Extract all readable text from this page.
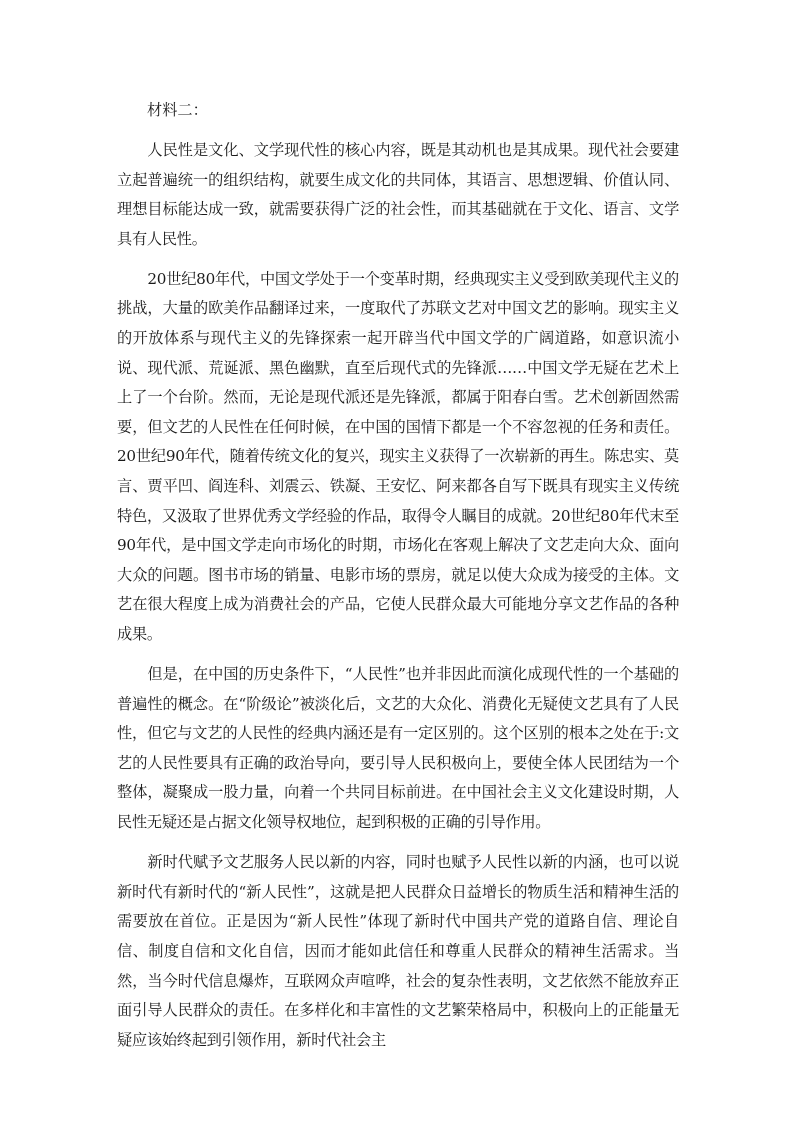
材料二：

人民性是文化、文学现代性的核心内容，既是其动机也是其成果。现代社会要建立起普遍统一的组织结构，就要生成文化的共同体，其语言、思想逻辑、价值认同、理想目标能达成一致，就需要获得广泛的社会性，而其基础就在于文化、语言、文学具有人民性。

20世纪80年代，中国文学处于一个变革时期，经典现实主义受到欧美现代主义的挑战，大量的欧美作品翻译过来，一度取代了苏联文艺对中国文艺的影响。现实主义的开放体系与现代主义的先锋探索一起开辟当代中国文学的广阔道路，如意识流小说、现代派、荒诞派、黑色幽默，直至后现代式的先锋派……中国文学无疑在艺术上上了一个台阶。然而，无论是现代派还是先锋派，都属于阳春白雪。艺术创新固然需要，但文艺的人民性在任何时候，在中国的国情下都是一个不容忽视的任务和责任。20世纪90年代，随着传统文化的复兴，现实主义获得了一次崭新的再生。陈忠实、莫言、贾平凹、阎连科、刘震云、铁凝、王安忆、阿来都各自写下既具有现实主义传统特色，又汲取了世界优秀文学经验的作品，取得令人瞩目的成就。20世纪80年代末至90年代，是中国文学走向市场化的时期，市场化在客观上解决了文艺走向大众、面向大众的问题。图书市场的销量、电影市场的票房，就足以使大众成为接受的主体。文艺在很大程度上成为消费社会的产品，它使人民群众最大可能地分享文艺作品的各种成果。

但是，在中国的历史条件下，“人民性”也并非因此而演化成现代性的一个基础的普遍性的概念。在“阶级论”被淡化后，文艺的大众化、消费化无疑使文艺具有了人民性，但它与文艺的人民性的经典内涵还是有一定区别的。这个区别的根本之处在于:文艺的人民性要具有正确的政治导向，要引导人民积极向上，要使全体人民团结为一个整体，凝聚成一股力量，向着一个共同目标前进。在中国社会主义文化建设时期，人民性无疑还是占据文化领导权地位，起到积极的正确的引导作用。

新时代赋予文艺服务人民以新的内容，同时也赋予人民性以新的内涵，也可以说新时代有新时代的“新人民性”，这就是把人民群众日益增长的物质生活和精神生活的需要放在首位。正是因为“新人民性”体现了新时代中国共产党的道路自信、理论自信、制度自信和文化自信，因而才能如此信任和尊重人民群众的精神生活需求。当然，当今时代信息爆炸，互联网众声喧哗，社会的复杂性表明，文艺依然不能放弃正面引导人民群众的责任。在多样化和丰富性的文艺繁荣格局中，积极向上的正能量无疑应该始终起到引领作用，新时代社会主
